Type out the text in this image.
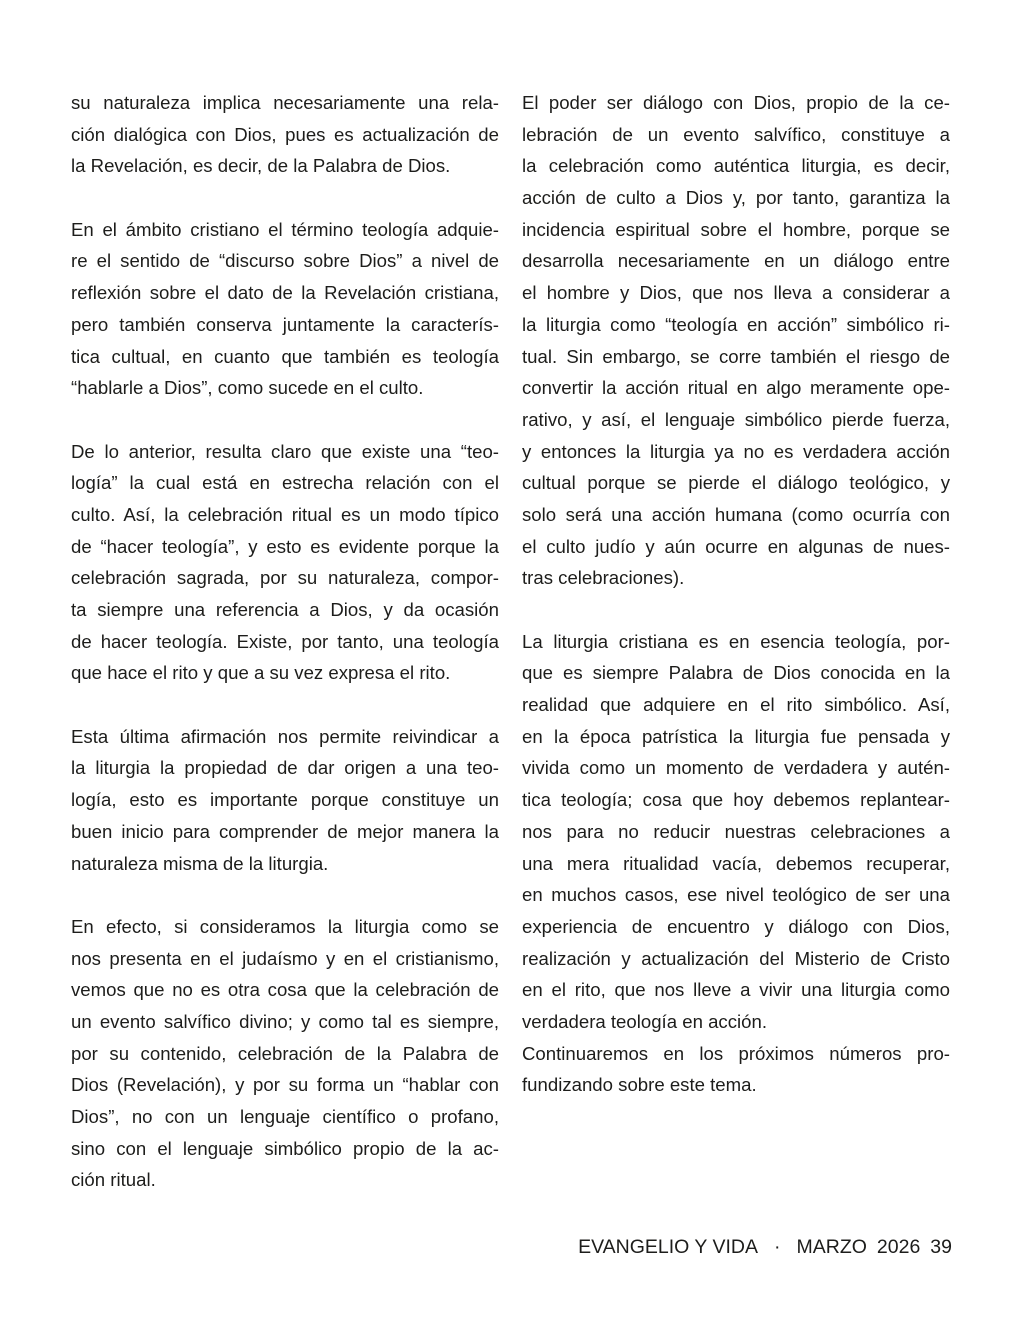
su naturaleza implica necesariamente una rela-
ción dialógica con Dios, pues es actualización de
la Revelación, es decir, de la Palabra de Dios.

En el ámbito cristiano el término teología adquie-
re el sentido de “discurso sobre Dios” a nivel de
reflexión sobre el dato de la Revelación cristiana,
pero también conserva juntamente la caracterís-
tica cultual, en cuanto que también es teología
“hablarle a Dios”, como sucede en el culto.

De lo anterior, resulta claro que existe una “teo-
logía” la cual está en estrecha relación con el
culto. Así, la celebración ritual es un modo típico
de “hacer teología”, y esto es evidente porque la
celebración sagrada, por su naturaleza, compor-
ta siempre una referencia a Dios, y da ocasión
de hacer teología. Existe, por tanto, una teología
que hace el rito y que a su vez expresa el rito.

Esta última afirmación nos permite reivindicar a
la liturgia la propiedad de dar origen a una teo-
logía, esto es importante porque constituye un
buen inicio para comprender de mejor manera la
naturaleza misma de la liturgia.

En efecto, si consideramos la liturgia como se
nos presenta en el judaísmo y en el cristianismo,
vemos que no es otra cosa que la celebración de
un evento salvífico divino; y como tal es siempre,
por su contenido, celebración de la Palabra de
Dios (Revelación), y por su forma un “hablar con
Dios”, no con un lenguaje científico o profano,
sino con el lenguaje simbólico propio de la ac-
ción ritual.

El poder ser diálogo con Dios, propio de la ce-
lebración de un evento salvífico, constituye a
la celebración como auténtica liturgia, es decir,
acción de culto a Dios y, por tanto, garantiza la
incidencia espiritual sobre el hombre, porque se
desarrolla necesariamente en un diálogo entre
el hombre y Dios, que nos lleva a considerar a
la liturgia como “teología en acción” simbólico ri-
tual. Sin embargo, se corre también el riesgo de
convertir la acción ritual en algo meramente ope-
rativo, y así, el lenguaje simbólico pierde fuerza,
y entonces la liturgia ya no es verdadera acción
cultual porque se pierde el diálogo teológico, y
solo será una acción humana (como ocurría con
el culto judío y aún ocurre en algunas de nues-
tras celebraciones).

La liturgia cristiana es en esencia teología, por-
que es siempre Palabra de Dios conocida en la
realidad que adquiere en el rito simbólico. Así,
en la época patrística la liturgia fue pensada y
vivida como un momento de verdadera y autén-
tica teología; cosa que hoy debemos replantear-
nos para no reducir nuestras celebraciones a
una mera ritualidad vacía, debemos recuperar,
en muchos casos, ese nivel teológico de ser una
experiencia de encuentro y diálogo con Dios,
realización y actualización del Misterio de Cristo
en el rito, que nos lleve a vivir una liturgia como
verdadera teología en acción.

Continuaremos en los próximos números pro-
fundizando sobre este tema.

EVANGELIO Y VIDA · MARZO 2026 39
